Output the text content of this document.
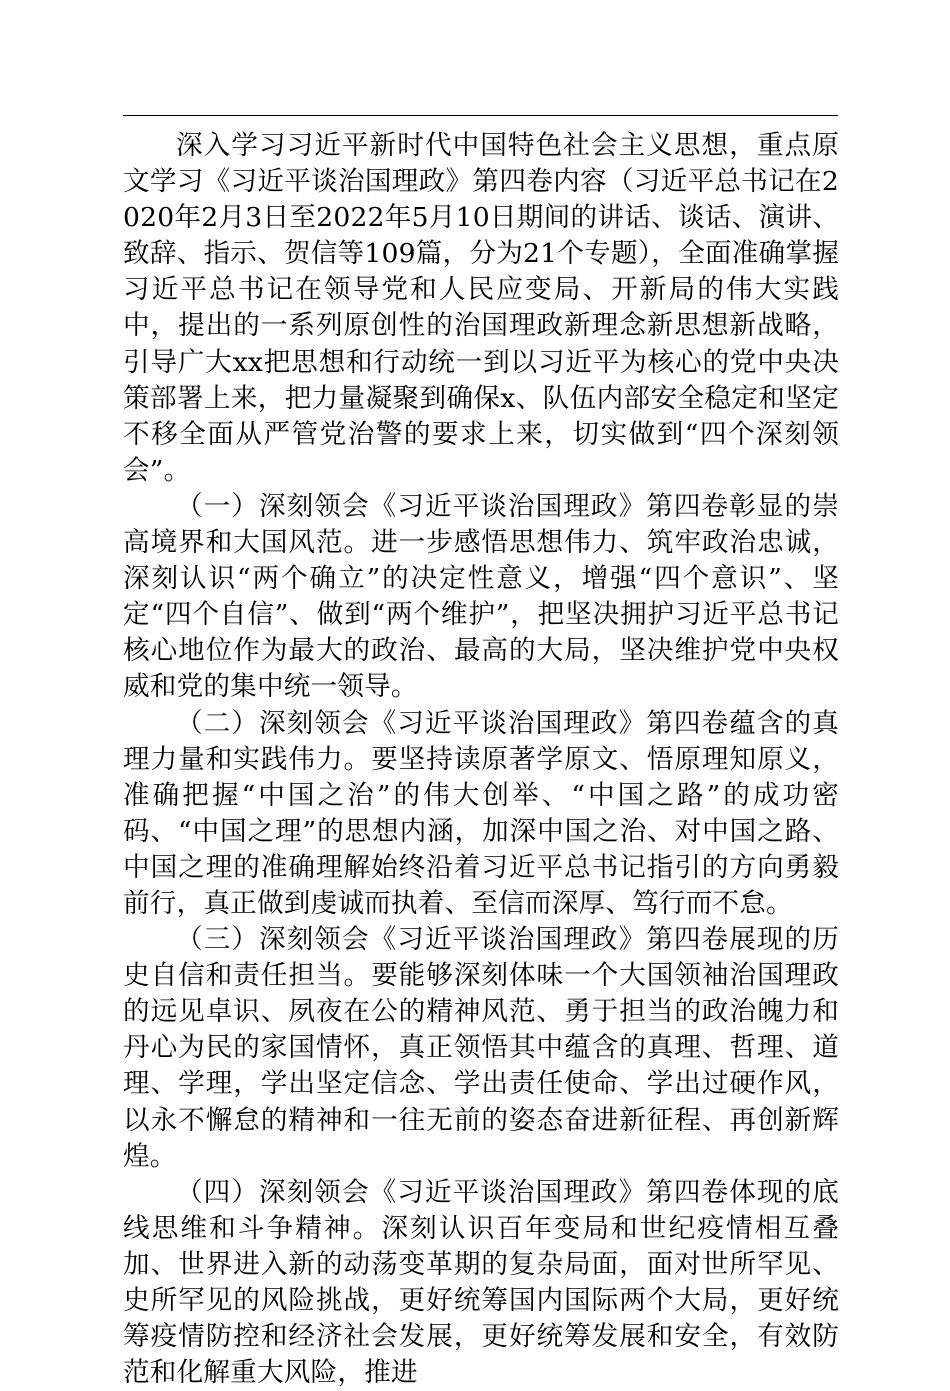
深入学习习近平新时代中国特色社会主义思想，重点原文学习《习近平谈治国理政》第四卷内容（习近平总书记在2020年2月3日至2022年5月10日期间的讲话、谈话、演讲、致辞、指示、贺信等109篇，分为21个专题），全面准确掌握习近平总书记在领导党和人民应变局、开新局的伟大实践中，提出的一系列原创性的治国理政新理念新思想新战略，引导广大xx把思想和行动统一到以习近平为核心的党中央决策部署上来，把力量凝聚到确保x、队伍内部安全稳定和坚定不移全面从严管党治警的要求上来，切实做到“四个深刻领会”。

（一）深刻领会《习近平谈治国理政》第四卷彰显的崇高境界和大国风范。进一步感悟思想伟力、筑牢政治忠诚，深刻认识“两个确立”的决定性意义，增强“四个意识”、坚定“四个自信”、做到“两个维护”，把坚决拥护习近平总书记核心地位作为最大的政治、最高的大局，坚决维护党中央权威和党的集中统一领导。

（二）深刻领会《习近平谈治国理政》第四卷蕴含的真理力量和实践伟力。要坚持读原著学原文、悟原理知原义，准确把握“中国之治”的伟大创举、“中国之路”的成功密码、“中国之理”的思想内涵，加深中国之治、对中国之路、中国之理的准确理解始终沿着习近平总书记指引的方向勇毅前行，真正做到虔诚而执着、至信而深厚、笃行而不怠。

（三）深刻领会《习近平谈治国理政》第四卷展现的历史自信和责任担当。要能够深刻体味一个大国领袖治国理政的远见卓识、夙夜在公的精神风范、勇于担当的政治魄力和丹心为民的家国情怀，真正领悟其中蕴含的真理、哲理、道理、学理，学出坚定信念、学出责任使命、学出过硬作风，以永不懈怠的精神和一往无前的姿态奋进新征程、再创新辉煌。

（四）深刻领会《习近平谈治国理政》第四卷体现的底线思维和斗争精神。深刻认识百年变局和世纪疫情相互叠加、世界进入新的动荡变革期的复杂局面，面对世所罕见、史所罕见的风险挑战，更好统筹国内国际两个大局，更好统筹疫情防控和经济社会发展，更好统筹发展和安全，有效防范和化解重大风险，推进
